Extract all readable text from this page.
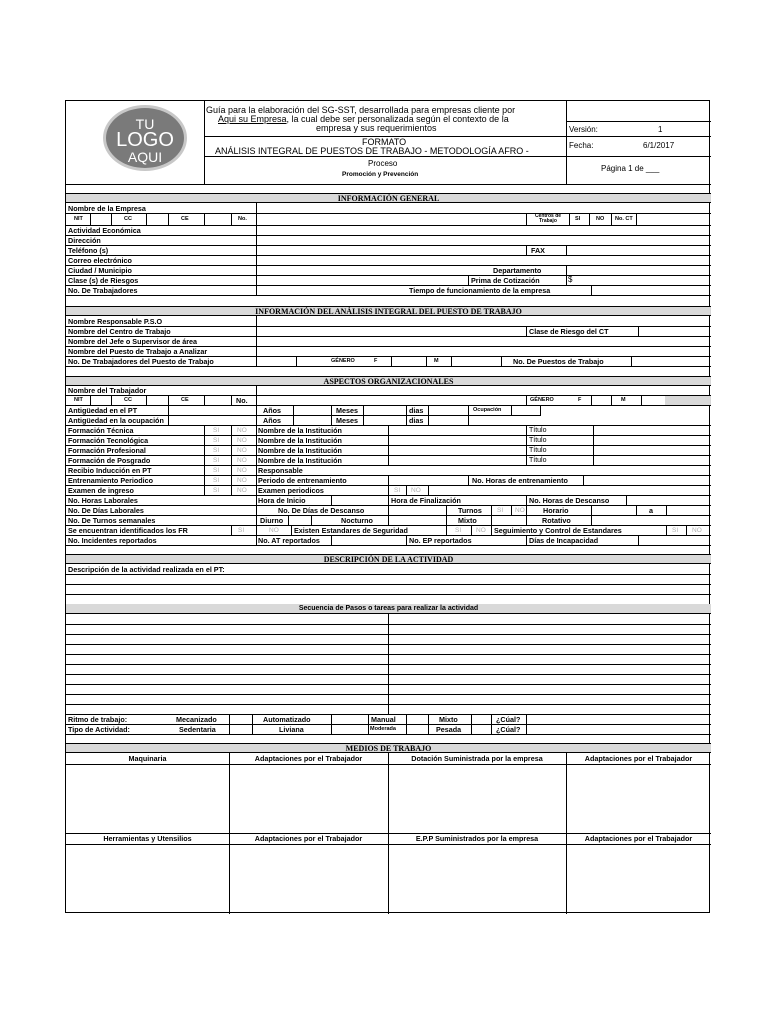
TU
LOGO
AQUI
Guía para la elaboración del SG-SST, desarrollada para empresas cliente por
Aqui su Empresa, la cual debe ser personalizada según el contexto de la
empresa y sus requerimientos
FORMATO
ANÁLISIS INTEGRAL DE PUESTOS DE TRABAJO - METODOLOGÍA AFRO -
Proceso
Promoción y Prevención
Versión:	1
Fecha:	6/1/2017
Página 1 de ___
INFORMACIÓN GENERAL
Nombre de la Empresa
NIT	CC	CE	No.	Centros de Trabajo	SI	NO No. CT
Actividad Económica
Dirección
Teléfono (s)	FAX
Correo electrónico
Ciudad / Municipio	Departamento
Clase (s) de Riesgos	Prima de Cotización	$
No. De Trabajadores	Tiempo de funcionamiento de la empresa
INFORMACIÓN DEL ANÁLISIS INTEGRAL DEL PUESTO DE TRABAJO
Nombre Responsable P.S.O
Nombre del Centro de Trabajo	Clase de Riesgo del CT
Nombre del Jefe o Supervisor de área
Nombre del Puesto de Trabajo a Analizar
No. De Trabajadores del Puesto de Trabajo	GÉNERO	F	M	No. De Puestos de Trabajo
ASPECTOS ORGANIZACIONALES
Nombre del Trabajador
NIT	CC	CE	No.	GÉNERO	F	M
Antigüedad en el PT	Años	Meses	dias	Ocupación
Antigüedad en la ocupación	Años	Meses	dias
Formación Técnica	SI	NO Nombre de la Institución	Título
Formación Tecnológica	SI	NO Nombre de la Institución	Título
Formación Profesional	SI	NO Nombre de la Institución	Título
Formación de Posgrado	SI	NO Nombre de la Institución	Título
Recibio Inducción en PT	SI	NO Responsable
Entrenamiento Periodico	SI	NO Periodo de entrenamiento	No. Horas de entrenamiento
Examen de ingreso	SI	NO Examen periodicos	SI NO
No. Horas Laborales	Hora de Inicio	Hora de Finalización	No. Horas de Descanso
No. De Días Laborales	No. De Días de Descanso	Turnos SI NO	Horario	a
No. De Turnos semanales	Diurno	Nocturno	Mixto	Rotativo
Se encuentran identificados los FR	SI	NO Existen Estandares de Seguridad	SI NO Seguimiento y Control de Estandares	SI NO
No. Incidentes reportados	No. AT reportados	No. EP reportados	Días de Incapacidad
DESCRIPCIÓN DE LA ACTIVIDAD
Descripción de la actividad realizada en el PT:
Secuencia de Pasos o tareas para realizar la actividad
Ritmo de trabajo:	Mecanizado	Automatizado	Manual	Mixto	¿Cúal?
Tipo de Actividad:	Sedentaria	Liviana	Moderada	Pesada	¿Cúal?
MEDIOS DE TRABAJO
Maquinaria	Adaptaciones por el Trabajador	Dotación Suministrada por la empresa	Adaptaciones por el Trabajador
Herramientas y Utensilios	Adaptaciones por el Trabajador	E.P.P Suministrados por la empresa	Adaptaciones por el Trabajador
